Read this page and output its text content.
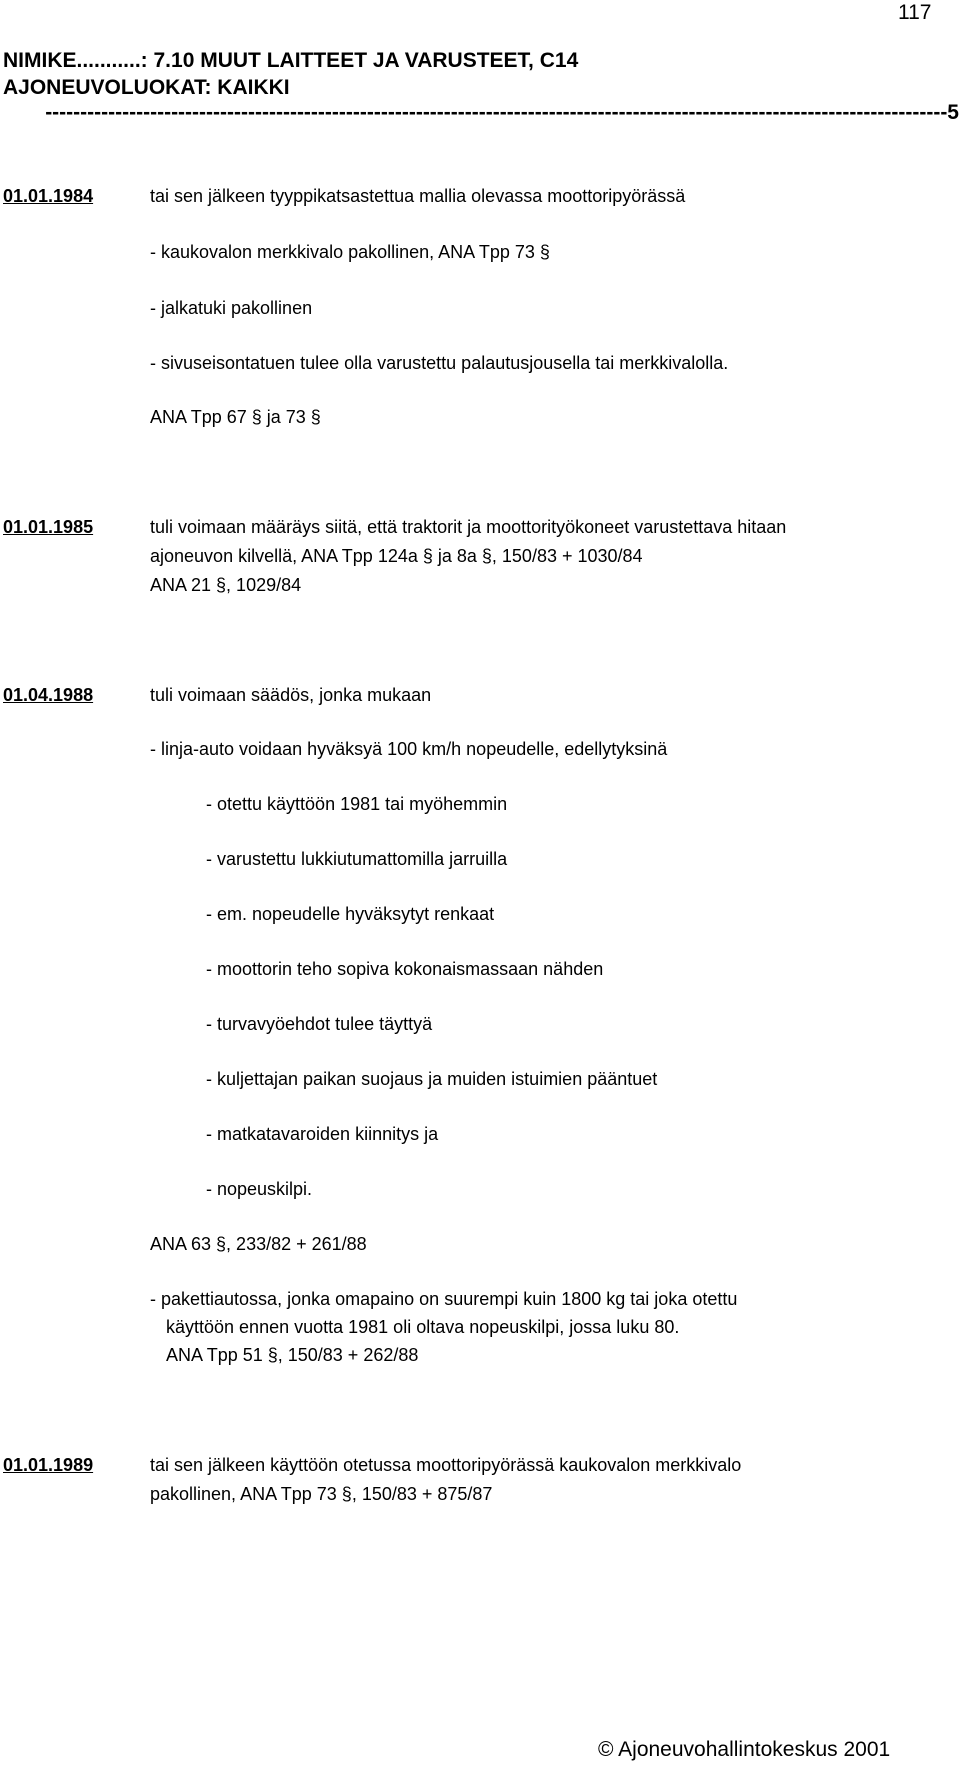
117
NIMIKE...........: 7.10 MUUT LAITTEET JA VARUSTEET, C14
AJONEUVOLUOKAT: KAIKKI
---------------------------------------------------------------------------------------------------------------------------------5
01.01.1984	tai sen jälkeen tyyppikatsastettua mallia olevassa moottoripyörässä
- kaukovalon merkkivalo pakollinen, ANA Tpp 73 §
- jalkatuki pakollinen
- sivuseisontatuen tulee olla varustettu palautusjousella tai merkkivalolla.
ANA Tpp 67 § ja 73 §
01.01.1985	tuli voimaan määräys siitä, että traktorit ja moottorityökoneet varustettava hitaan
ajoneuvon kilvellä, ANA Tpp 124a § ja 8a §, 150/83 + 1030/84
ANA 21 §, 1029/84
01.04.1988	tuli voimaan säädös, jonka mukaan
- linja-auto voidaan hyväksyä 100 km/h nopeudelle, edellytyksinä
- otettu käyttöön 1981 tai myöhemmin
- varustettu lukkiutumattomilla jarruilla
- em. nopeudelle hyväksytyt renkaat
- moottorin teho sopiva kokonaismassaan nähden
- turvavyöehdot tulee täyttyä
- kuljettajan paikan suojaus ja muiden istuimien pääntuet
- matkatavaroiden kiinnitys ja
- nopeuskilpi.
ANA 63 §, 233/82 + 261/88
- pakettiautossa, jonka omapaino on suurempi kuin 1800 kg tai joka otettu
käyttöön ennen vuotta 1981 oli oltava nopeuskilpi, jossa luku 80.
ANA Tpp 51 §, 150/83 + 262/88
01.01.1989	tai sen jälkeen käyttöön otetussa moottoripyörässä kaukovalon merkkivalo
pakollinen, ANA Tpp 73 §, 150/83 + 875/87
© Ajoneuvohallintokeskus 2001
